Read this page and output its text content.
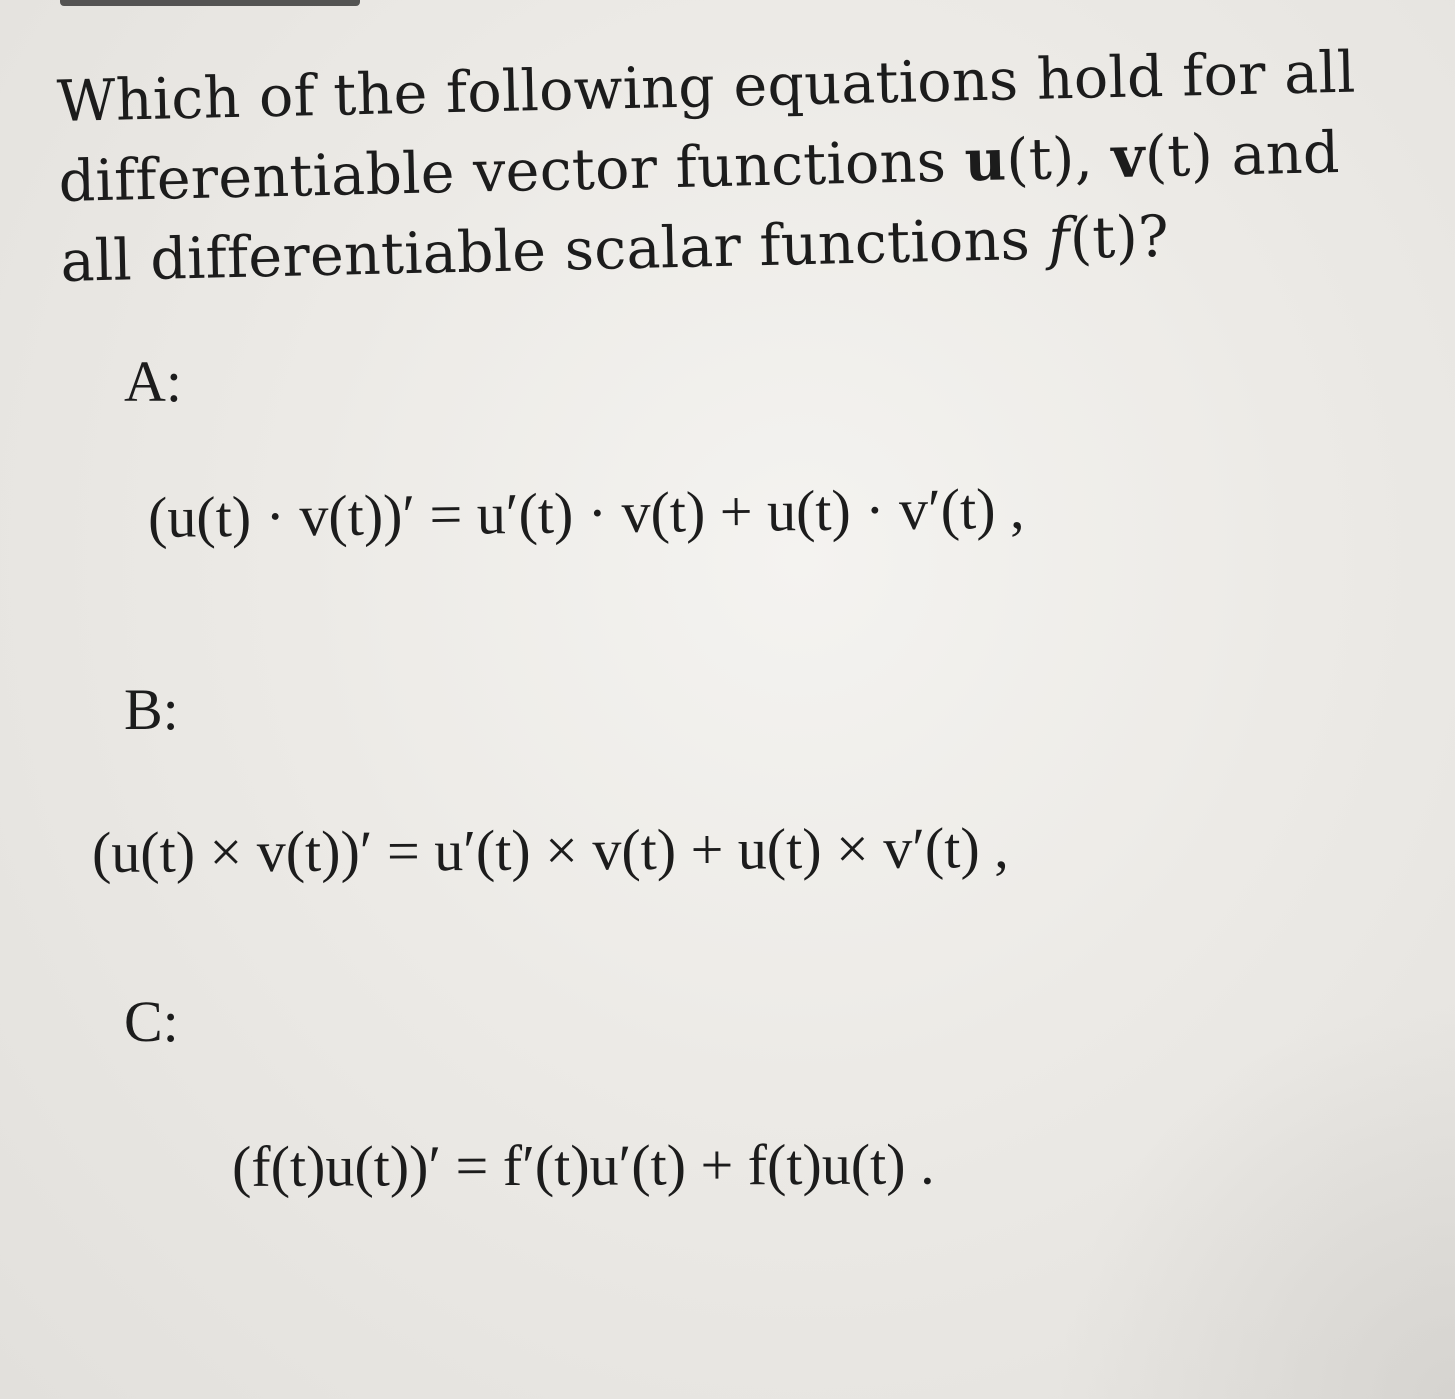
Which of the following equations hold for all
differentiable vector functions u(t), v(t) and
all differentiable scalar functions f(t)?
A:
(u(t) · v(t))′ = u′(t) · v(t) + u(t) · v′(t) ,
B:
(u(t) × v(t))′ = u′(t) × v(t) + u(t) × v′(t) ,
C:
(f(t)u(t))′ = f′(t)u′(t) + f(t)u(t) .
